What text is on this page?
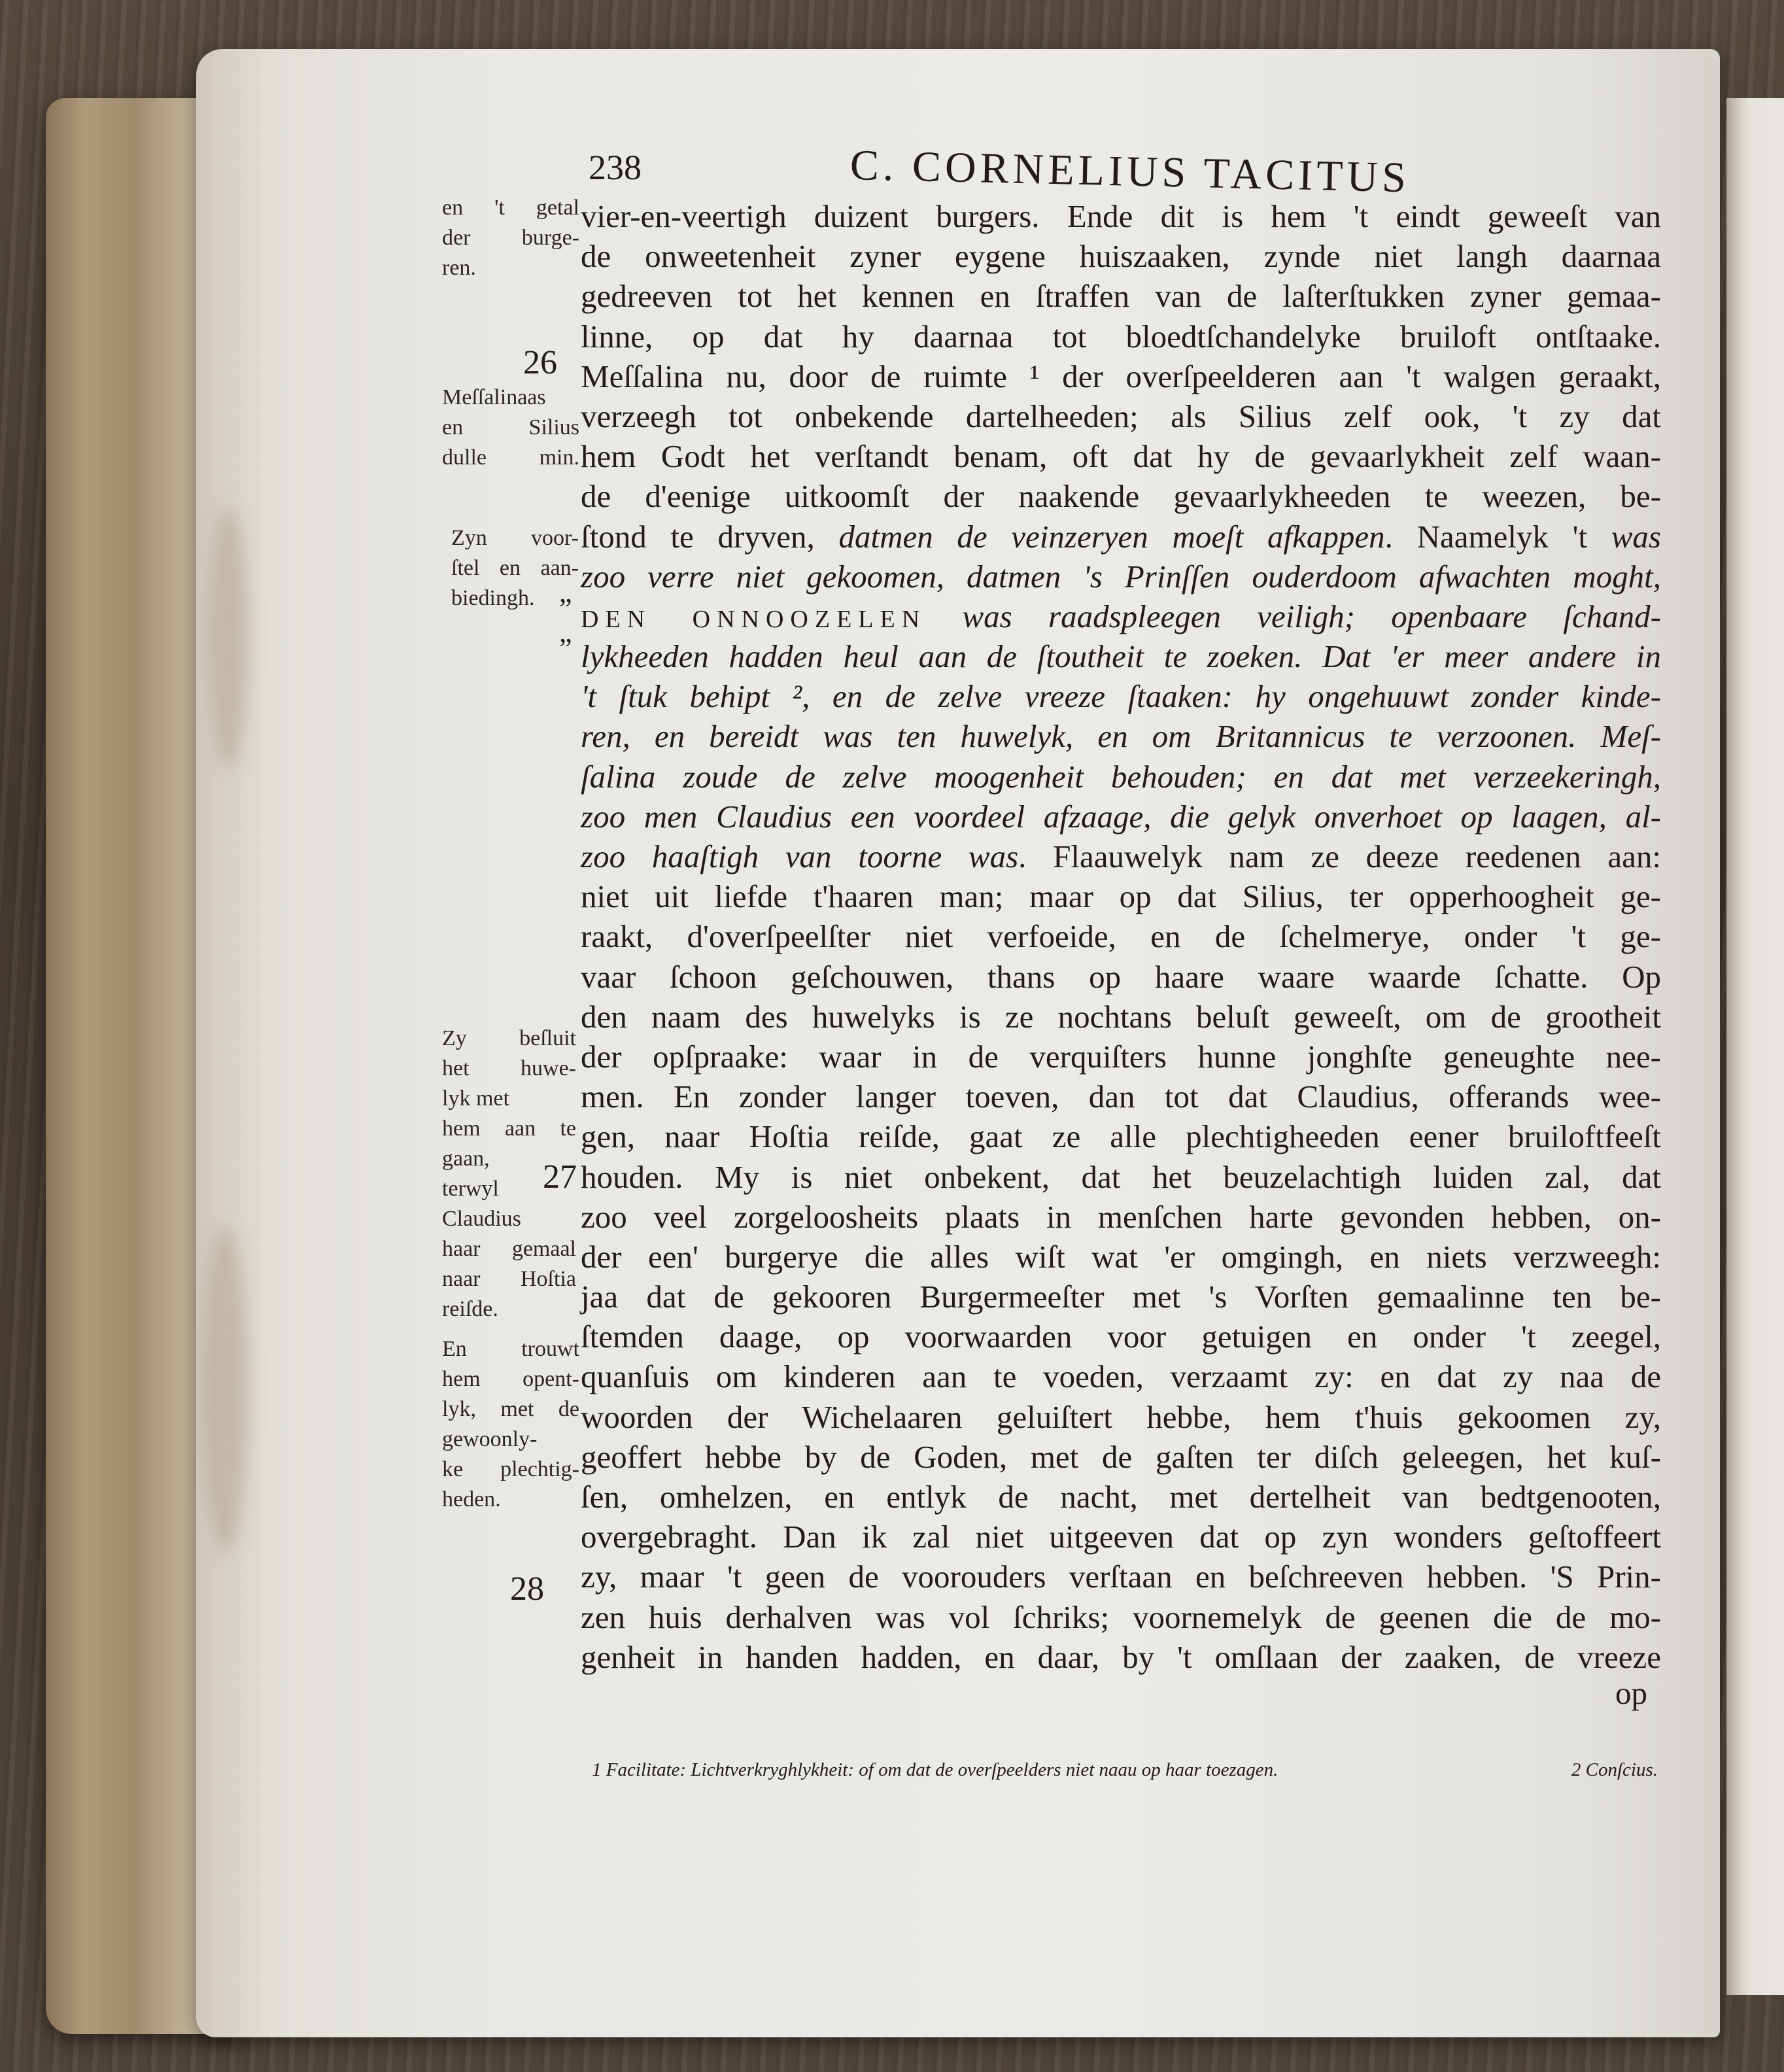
238	C. CORNELIUS TACITUS
vier-en-veertigh duizent burgers. Ende dit is hem 't eindt geweeſt van
de onweetenheit zyner eygene huiszaaken, zynde niet langh daarnaa
gedreeven tot het kennen en ſtraffen van de laſterſtukken zyner gemaa-
linne, op dat hy daarnaa tot bloedtſchandelyke bruiloft ontſtaake.
Meſſalina nu, door de ruimte ¹ der overſpeelderen aan 't walgen geraakt,
verzeegh tot onbekende dartelheeden; als Silius zelf ook, 't zy dat
hem Godt het verſtandt benam, oft dat hy de gevaarlykheit zelf waan-
de d'eenige uitkoomſt der naakende gevaarlykheeden te weezen, be-
ſtond te dryven, datmen de veinzeryen moeſt afkappen. Naamelyk 't was
zoo verre niet gekoomen, datmen 's Prinſſen ouderdoom afwachten moght,
DEN ONNOOZELEN was raadspleegen veiligh; openbaare ſchand-
lykheeden hadden heul aan de ſtoutheit te zoeken. Dat 'er meer andere in
't ſtuk behipt ², en de zelve vreeze ſtaaken: hy ongehuuwt zonder kinde-
ren, en bereidt was ten huwelyk, en om Britannicus te verzoonen. Meſ-
ſalina zoude de zelve moogenheit behouden; en dat met verzeekeringh,
zoo men Claudius een voordeel afzaage, die gelyk onverhoet op laagen, al-
zoo haaſtigh van toorne was. Flaauwelyk nam ze deeze reedenen aan:
niet uit liefde t'haaren man; maar op dat Silius, ter opperhoogheit ge-
raakt, d'overſpeelſter niet verfoeide, en de ſchelmerye, onder 't ge-
vaar ſchoon geſchouwen, thans op haare waare waarde ſchatte. Op
den naam des huwelyks is ze nochtans beluſt geweeſt, om de grootheit
der opſpraake: waar in de verquiſters hunne jonghſte geneughte nee-
men. En zonder langer toeven, dan tot dat Claudius, offerands wee-
gen, naar Hoſtia reiſde, gaat ze alle plechtigheeden eener bruiloftfeeſt
houden. My is niet onbekent, dat het beuzelachtigh luiden zal, dat
zoo veel zorgeloosheits plaats in menſchen harte gevonden hebben, on-
der een' burgerye die alles wiſt wat 'er omgingh, en niets verzweegh:
jaa dat de gekooren Burgermeeſter met 's Vorſten gemaalinne ten be-
ſtemden daage, op voorwaarden voor getuigen en onder 't zeegel,
quanſuis om kinderen aan te voeden, verzaamt zy: en dat zy naa de
woorden der Wichelaaren geluiſtert hebbe, hem t'huis gekoomen zy,
geoffert hebbe by de Goden, met de gaſten ter diſch geleegen, het kuſ-
ſen, omhelzen, en entlyk de nacht, met dertelheit van bedtgenooten,
overgebraght. Dan ik zal niet uitgeeven dat op zyn wonders geſtoffeert
zy, maar 't geen de voorouders verſtaan en beſchreeven hebben. 'S Prin-
zen huis derhalven was vol ſchriks; voornemelyk de geenen die de mo-
genheit in handen hadden, en daar, by 't omſlaan der zaaken, de vreeze
op
”
”
26
27
28
en 't getal
der burge-
ren.
Meſſalinaas
en Silius
dulle min.
Zyn voor-
ſtel en aan-
biedingh.
Zy beſluit
het huwe-
lyk met
hem aan te
gaan,
terwyl
Claudius
haar gemaal
naar Hoſtia
reiſde.
En trouwt
hem opent-
lyk, met de
gewoonly-
ke plechtig-
heden.
1 Facilitate: Lichtverkryghlykheit: of om dat de overſpeelders niet naau op haar toezagen.	2 Conſcius.
